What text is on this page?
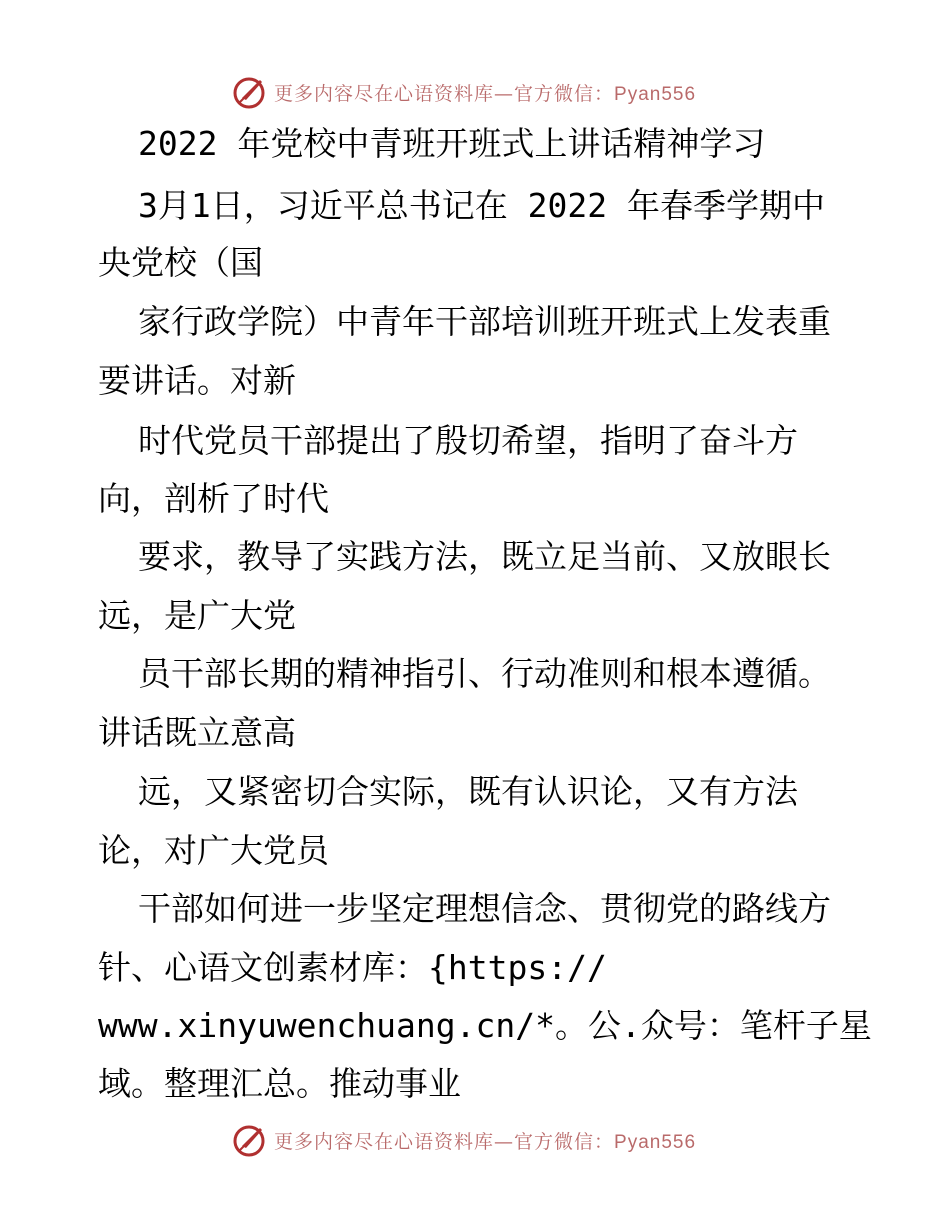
更多内容尽在心语资料库—官方微信：Pyan556
2022 年党校中青班开班式上讲话精神学习
3月1日，习近平总书记在 2022 年春季学期中
央党校（国
家行政学院）中青年干部培训班开班式上发表重
要讲话。对新
时代党员干部提出了殷切希望，指明了奋斗方
向，剖析了时代
要求，教导了实践方法，既立足当前、又放眼长
远，是广大党
员干部长期的精神指引、行动准则和根本遵循。
讲话既立意高
远，又紧密切合实际，既有认识论，又有方法
论，对广大党员
干部如何进一步坚定理想信念、贯彻党的路线方
针、心语文创素材库：{https://
www.xinyuwenchuang.cn/*。公.众号：笔杆子星
域。整理汇总。推动事业
更多内容尽在心语资料库—官方微信：Pyan556
